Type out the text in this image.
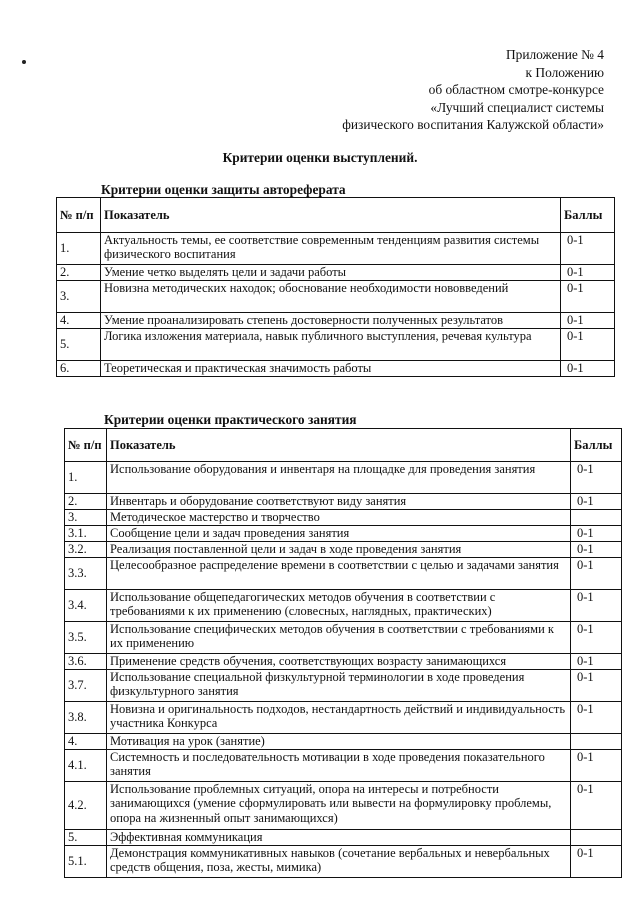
Приложение № 4
к Положению
об областном смотре-конкурсе
«Лучший специалист системы
физического воспитания Калужской области»
Критерии оценки выступлений.
Критерии оценки защиты автореферата
№ п/п	Показатель	Баллы
1.	Актуальность темы, ее соответствие современным тенденциям развития системы физического воспитания	0-1
2.	Умение четко выделять цели и задачи работы	0-1
3.	Новизна методических находок; обоснование необходимости нововведений	0-1
4.	Умение проанализировать степень достоверности полученных результатов	0-1
5.	Логика изложения материала, навык публичного выступления, речевая культура	0-1
6.	Теоретическая и практическая значимость работы	0-1
Критерии оценки практического занятия
№ п/п	Показатель	Баллы
1.	Использование оборудования и инвентаря на площадке для проведения занятия	0-1
2.	Инвентарь и оборудование соответствуют виду занятия	0-1
3.	Методическое мастерство и творчество	
3.1.	Сообщение цели и задач проведения занятия	0-1
3.2.	Реализация поставленной цели и задач в ходе проведения занятия	0-1
3.3.	Целесообразное распределение времени в соответствии с целью и задачами занятия	0-1
3.4.	Использование общепедагогических методов обучения в соответствии с требованиями к их применению (словесных, наглядных, практических)	0-1
3.5.	Использование специфических методов обучения в соответствии с требованиями к их применению	0-1
3.6.	Применение средств обучения, соответствующих возрасту занимающихся	0-1
3.7.	Использование специальной физкультурной терминологии в ходе проведения физкультурного занятия	0-1
3.8.	Новизна и оригинальность подходов, нестандартность действий и индивидуальность участника Конкурса	0-1
4.	Мотивация на урок (занятие)	
4.1.	Системность и последовательность мотивации в ходе проведения показательного занятия	0-1
4.2.	Использование проблемных ситуаций, опора на интересы и потребности занимающихся (умение сформулировать или вывести на формулировку проблемы, опора на жизненный опыт занимающихся)	0-1
5.	Эффективная коммуникация	
5.1.	Демонстрация коммуникативных навыков (сочетание вербальных и невербальных средств общения, поза, жесты, мимика)	0-1
